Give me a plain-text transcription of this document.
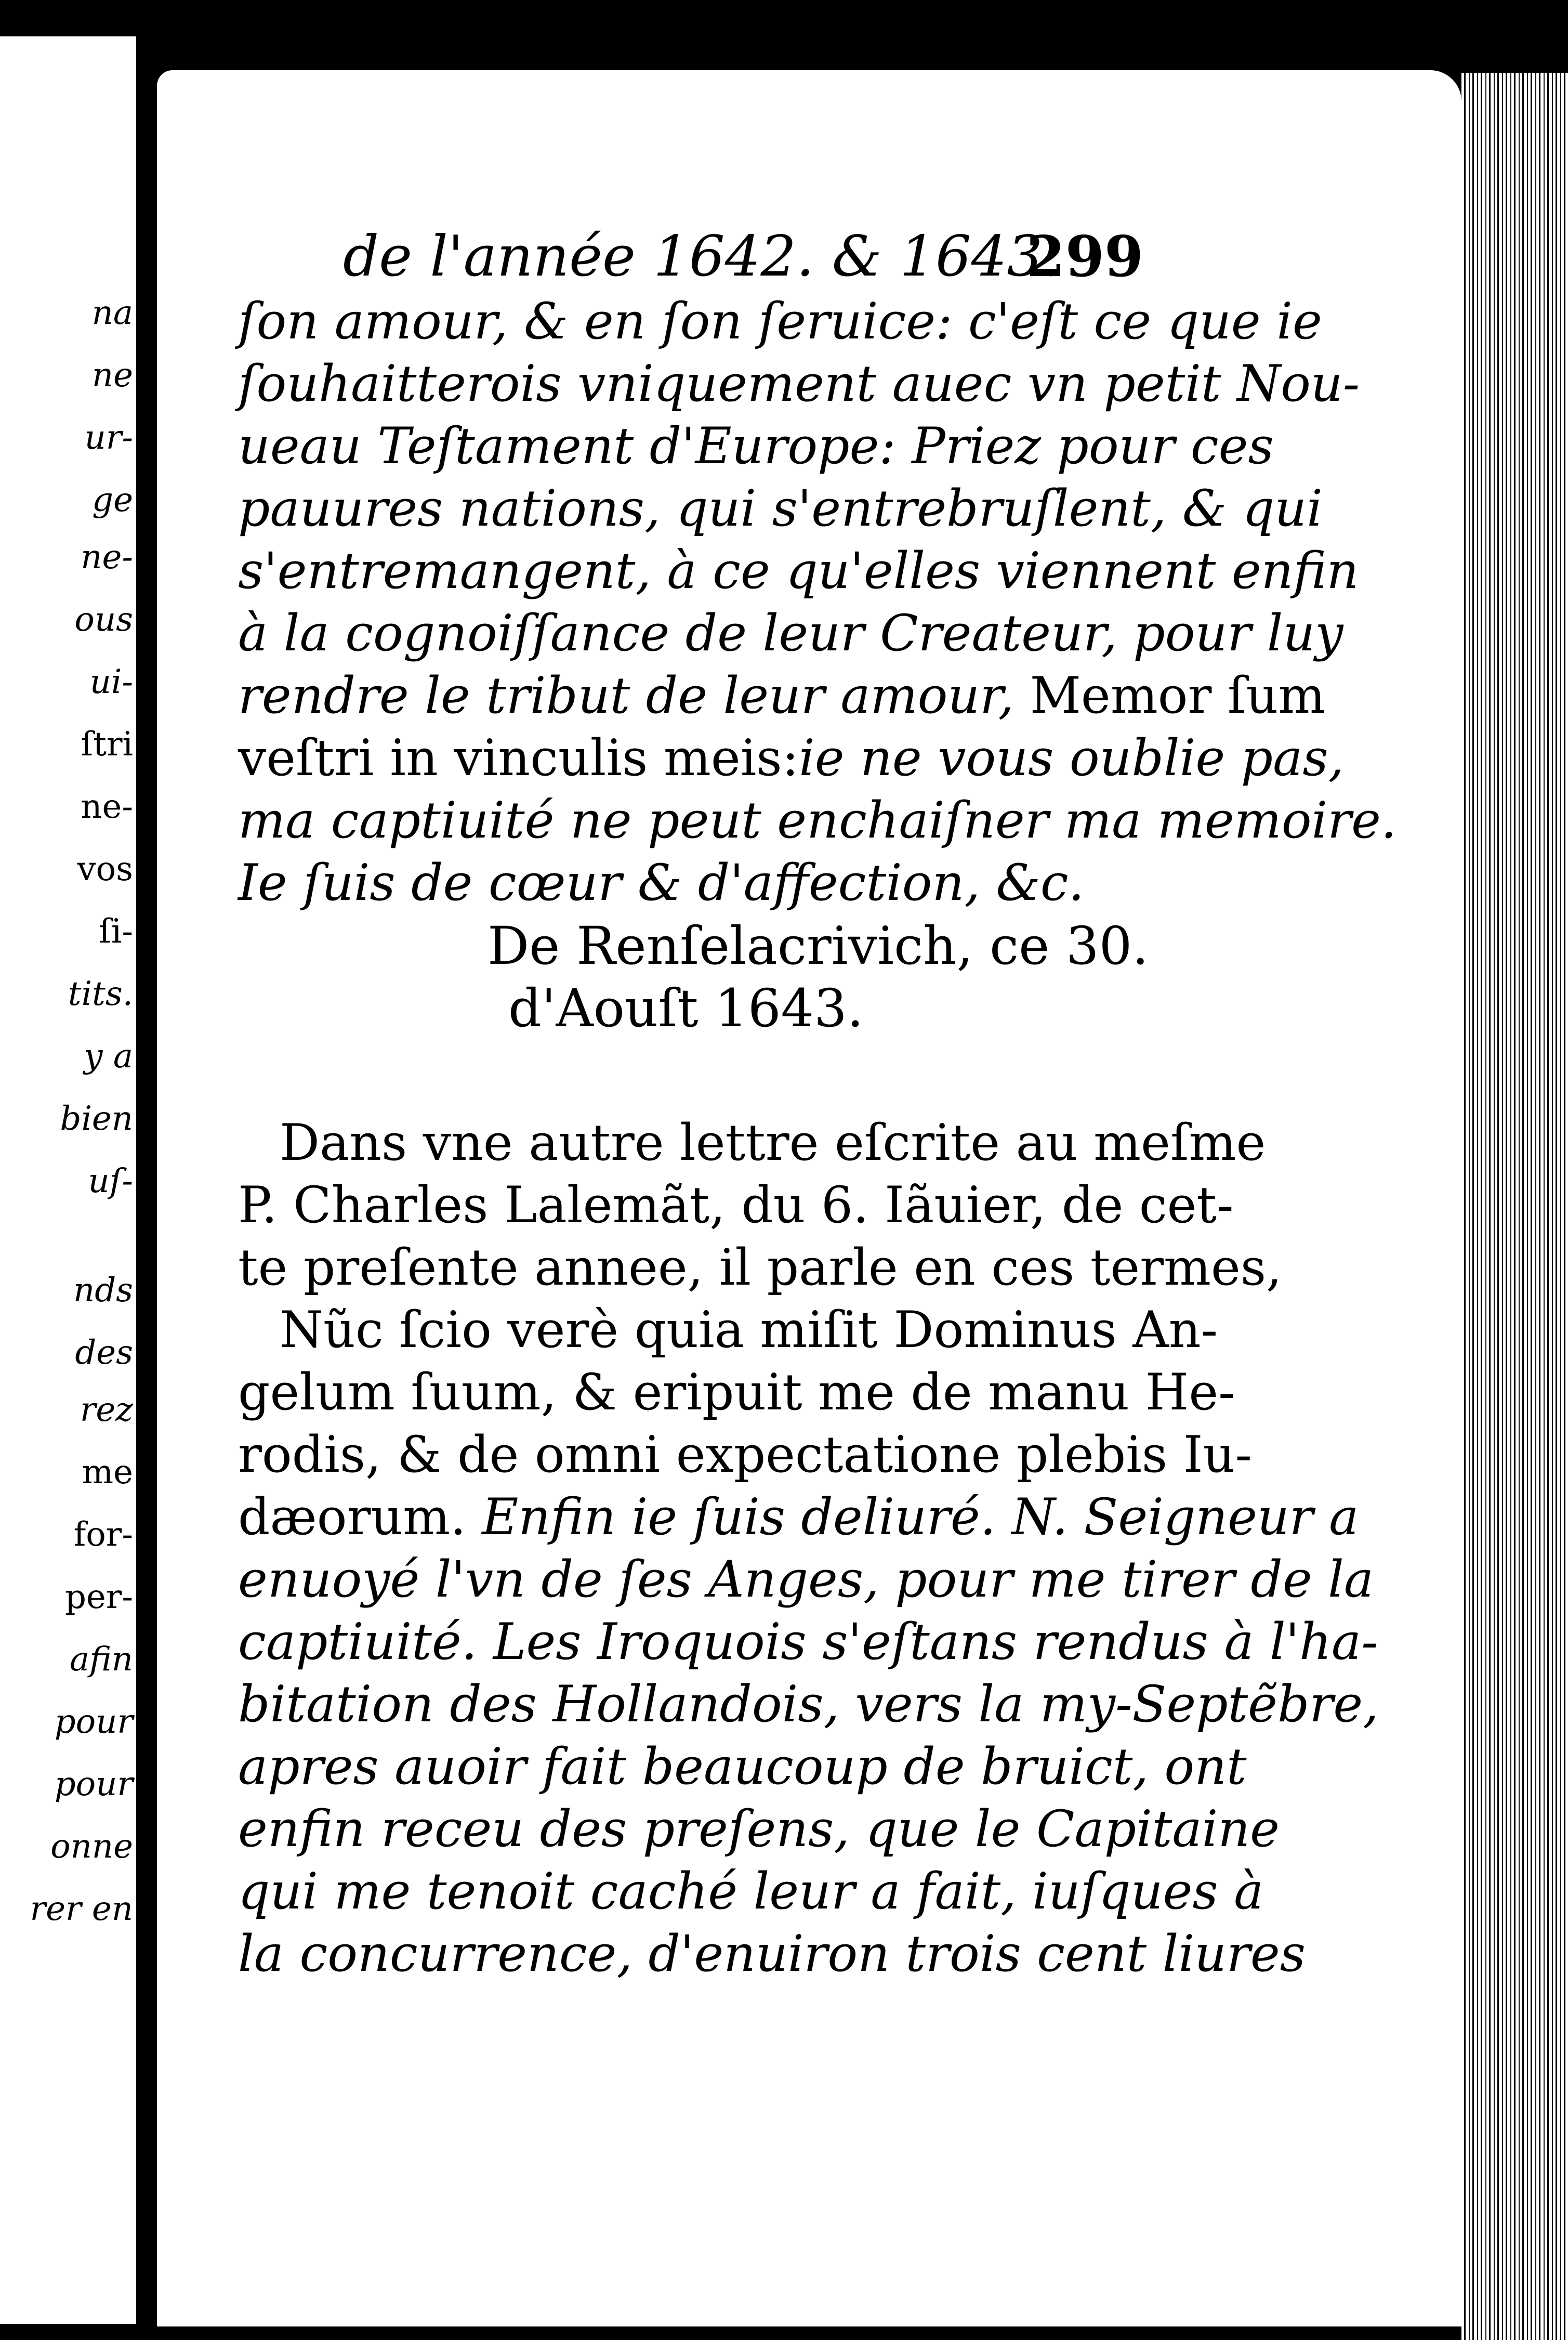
na
ne
ur-
ge
ne-
ous
ui-
ſtri
ne-
vos
ſi-
tits.
y a
bien
uſ-
nds
des
rez
me
for-
per-
afin
pour
pour
onne
rer en
de l'année 1642. & 1643.
299
ſon amour, & en ſon ſeruice: c'eſt ce que ie
ſouhaitterois vniquement auec vn petit Nou-
ueau Teſtament d'Europe: Priez pour ces
pauures nations, qui s'entrebruſlent, & qui
s'entremangent, à ce qu'elles viennent enfin
à la cognoiſſance de leur Createur, pour luy
rendre le tribut de leur amour, Memor ſum
veſtri in vinculis meis:ie ne vous oublie pas,
ma captiuité ne peut enchaiſner ma memoire.
Ie ſuis de cœur & d'affection, &c.
De Renſelacrivich, ce 30.
d'Aouſt 1643.
Dans vne autre lettre eſcrite au meſme
P. Charles Lalemãt, du 6. Iãuier, de cet-
te preſente annee, il parle en ces termes,
Nũc ſcio verè quia miſit Dominus An-
gelum ſuum, & eripuit me de manu He-
rodis, & de omni expectatione plebis Iu-
dæorum. Enfin ie ſuis deliuré. N. Seigneur a
enuoyé l'vn de ſes Anges, pour me tirer de la
captiuité. Les Iroquois s'eſtans rendus à l'ha-
bitation des Hollandois, vers la my-Septẽbre,
apres auoir fait beaucoup de bruict, ont
enfin receu des preſens, que le Capitaine
qui me tenoit caché leur a fait, iuſques à
la concurrence, d'enuiron trois cent liures
